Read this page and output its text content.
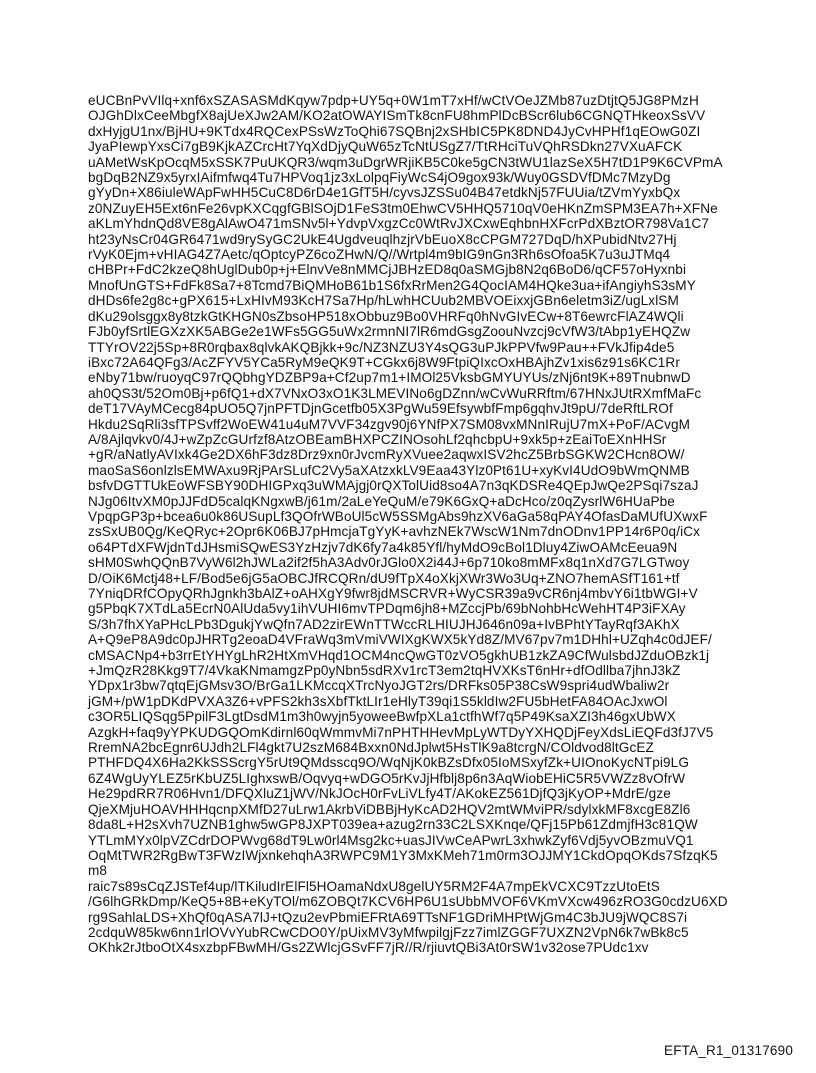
eUCBnPvVIlq+xnf6xSZASASMdKqyw7pdp+UY5q+0W1mT7xHf/wCtVOeJZMb87uzDtjtQ5JG8PMzH
OJGhDlxCeeMbgfX8ajUeXJw2AM/KO2atOWAYISmTk8cnFU8hmPlDcBScr6lub6CGNQTHkeoxSsVV
dxHyjgU1nx/BjHU+9KTdx4RQCexPSsWzToQhi67SQBnj2xSHbIC5PK8DND4JyCvHPHf1qEOwG0ZI
JyaPIewpYxsCi7gB9KjkAZCrcHt7YqXdDjyQuW65zTcNtUSgZ7/TtRHciTuVQhRSDkn27VXuAFCK
uAMetWsKpOcqM5xSSK7PuUKQR3/wqm3uDgrWRjiKB5C0ke5gCN3tWU1lazSeX5H7tD1P9K6CVPmA
bgDqB2NZ9x5yrxIAifmfwq4Tu7HPVoq1jz3xLolpqFiyWcS4jO9gox93k/Wuy0GSDVfDMc7MzyDg
gYyDn+X86iuleWApFwHH5CuC8D6rD4e1GfT5H/cyvsJZSSu04B47etdkNj57FUUia/tZVmYyxbQx
z0NZuyEH5Ext6nFe26vpKXCqgfGBlSOjD1FeS3tm0EhwCV5HHQ5710qV0eHKnZmSPM3EA7h+XFNe
aKLmYhdnQd8VE8gAlAwO471mSNv5l+YdvpVxgzCc0WtRvJXCxwEqhbnHXFcrPdXBztOR798Va1C7
ht23yNsCr04GR6471wd9rySyGC2UkE4UgdveuqlhzjrVbEuoX8cCPGM727DqD/hXPubidNtv27Hj
rVyK0Ejm+vHIAG4Z7Aetc/qOptcyPZ6coZHwN/Q//Wrtpl4m9bIG9nGn3Rh6sOfoa5K7u3uJTMq4
cHBPr+FdC2kzeQ8hUglDub0p+j+ElnvVe8nMMCjJBHzED8q0aSMGjb8N2q6BoD6/qCF57oHyxnbi
MnofUnGTS+FdFk8Sa7+8Tcmd7BiQMHoB61b1S6fxRrMen2G4QocIAM4HQke3ua+ifAngiyhS3sMY
dHDs6fe2g8c+gPX615+LxHIvM93KcH7Sa7Hp/hLwhHCUub2MBVOEixxjGBn6eletm3iZ/ugLxlSM
dKu29olsggx8y8tzkGtKHGN0sZbsoHP518xObbuz9Bo0VHRFq0hNvGIvECw+8T6ewrcFlAZ4WQli
FJb0yfSrtlEGXzXK5ABGe2e1WFs5GG5uWx2rmnNI7lR6mdGsgZoouNvzcj9cVfW3/tAbp1yEHQZw
TTYrOV22j5Sp+8R0rqbax8qlvkAKQBjkk+9c/NZ3NZU3Y4sQG3uPJkPPVfw9Pau++FVkJfip4de5
iBxc72A64QFg3/AcZFYV5YCa5RyM9eQK9T+CGkx6j8W9FtpiQIxcOxHBAjhZv1xis6z91s6KC1Rr
eNby71bw/ruoyqC97rQQbhgYDZBP9a+Cf2up7m1+IMOl25VksbGMYUYUs/zNj6nt9K+89TnubnwD
ah0QS3t/52Om0Bj+p6fQ1+dX7VNxO3xO1K3LMEVINo6gDZnn/wCvWuRRftm/67HNxJUtRXmfMaFc
deT17VAyMCecg84pUO5Q7jnPFTDjnGcetfb05X3PgWu59EfsywbfFmp6gqhvJt9pU/7deRftLROf
Hkdu2SqRli3sfTPSvff2WoEW41u4uM7VVF34zgv90j6YNfPX7SM08vxMNnIRujU7mX+PoF/ACvgM
A/8Ajlqvkv0/4J+wZpZcGUrfzf8AtzOBEamBHXPCZINOsohLf2qhcbpU+9xk5p+zEaiToEXnHHSr
+gR/aNatlyAVIxk4Ge2DX6hF3dz8Drz9xn0rJvcmRyXVuee2aqwxISV2hcZ5BrbSGKW2CHcn8OW/
maoSaS6onlzlsEMWAxu9RjPArSLufC2Vy5aXAtzxkLV9Eaa43Ylz0Pt61U+xyKvI4UdO9bWmQNMB
bsfvDGTTUkEoWFSBY90DHIGPxq3uWMAjgj0rQXTolUid8so4A7n3qKDSRe4QEpJwQe2PSqi7szaJ
NJg06ItvXM0pJJFdD5calqKNgxwB/j61m/2aLeYeQuM/e79K6GxQ+aDcHco/z0qZysrlW6HUaPbe
VpqpGP3p+bcea6u0k86USupLf3QOfrWBoUl5cW5SSMgAbs9hzXV6aGa58qPAY4OfasDaMUfUXwxF
zsSxUB0Qg/KeQRyc+2Opr6K06BJ7pHmcjaTgYyK+avhzNEk7WscW1Nm7dnODnv1PP14r6P0q/iCx
o64PTdXFWjdnTdJHsmiSQwES3YzHzjv7dK6fy7a4k85Yfl/hyMdO9cBol1Dluy4ZiwOAMcEeua9N
sHM0SwhQQnB7VyW6l2hJWLa2if2f5hA3Adv0rJGlo0X2i44J+6p710ko8mMFx8q1nXd7G7LGTwoy
D/OiK6Mctj48+LF/Bod5e6jG5aOBCJfRCQRn/dU9fTpX4oXkjXWr3Wo3Uq+ZNO7hemASfT161+tf
7YniqDRfCOpyQRhJgnkh3bAlZ+oAHXgY9fwr8jdMSCRVR+WyCSR39a9vCR6nj4mbvY6i1tbWGI+V
g5PbqK7XTdLa5EcrN0AlUda5vy1ihVUHI6mvTPDqm6jh8+MZccjPb/69bNohbHcWehHT4P3iFXAy
S/3h7fhXYaPHcLPb3DgukjYwQfn7AD2zirEWnTTWccRLHIUJHJ646n09a+IvBPhtYTayRqf3AKhX
A+Q9eP8A9dc0pJHRTg2eoaD4VFraWq3mVmiVWIXgKWX5kYd8Z/MV67pv7m1DHhl+UZqh4c0dJEF/
cMSACNp4+b3rrEtYHYgLhR2HtXmVHqd1OCM4ncQwGT0zVO5gkhUB1zkZA9CfWulsbdJZduOBzk1j
+JmQzR28Kkg9T7/4VkaKNmamgzPp0yNbn5sdRXv1rcT3em2tqHVXKsT6nHr+dfOdllba7jhnJ3kZ
YDpx1r3bw7qtqEjGMsv3O/BrGa1LKMccqXTrcNyoJGT2rs/DRFks05P38CsW9spri4udWbaliw2r
jGM+/pW1pDKdPVXA3Z6+vPFS2kh3sXbfTktLIr1eHlyT39qi1S5kldIw2FU5bHetFA84OAcJxwOl
c3OR5LIQSqg5PpilF3LgtDsdM1m3h0wyjn5yoweeBwfpXLa1ctfhWf7q5P49KsaXZI3h46gxUbWX
AzgkH+faq9yYPKUDGQOmKdirnl60qWmmvMi7nPHTHHevMpLyWTDyYXHQDjFeyXdsLiEQFd3fJ7V5
RremNA2bcEgnr6UJdh2LFl4gkt7U2szM684Bxxn0NdJplwt5HsTlK9a8tcrgN/COldvod8ltGcEZ
PTHFDQ4X6Ha2KkSSScrgY5rUt9QMdsscq9O/WqNjK0kBZsDfx05IoMSxyfZk+UIOnoKycNTpi9LG
6Z4WgUyYLEZ5rKbUZ5LIghxswB/Oqvyq+wDGO5rKvJjHfblj8p6n3AqWiobEHiC5R5VWZz8vOfrW
He29pdRR7R06Hvn1/DFQXluZ1jWV/NkJOcH0rFvLiVLfy4T/AKokEZ561DjfQ3jKyOP+MdrE/gze
QjeXMjuHOAVHHHqcnpXMfD27uLrw1AkrbViDBBjHyKcAD2HQV2mtWMviPR/sdylxkMF8xcgE8Zl6
8da8L+H2sXvh7UZNB1ghw5wGP8JXPT039ea+azug2rn33C2LSXKnqe/QFj15Pb61ZdmjfH3c81QW
YTLmMYx0lpVZCdrDOPWvg68dT9Lw0rl4Msg2kc+uasJIVwCeAPwrL3xhwkZyf6Vdj5yvOBzmuVQ1
OqMtTWR2RgBwT3FWzIWjxnkehqhA3RWPC9M1Y3MxKMeh71m0rm3OJJMY1CkdOpqOKds7SfzqK5
m8
raic7s89sCqZJSTef4up/lTKiludIrElFl5HOamaNdxU8gelUY5RM2F4A7mpEkVCXC9TzzUtoEtS
/G6lhGRkDmp/KeQ5+8B+eKyTOl/m6ZOBQt7KCV6HP6U1sUbbMVOF6VKmVXcw496zRO3G0cdzU6XD
rg9SahlaLDS+XhQf0qASA7lJ+tQzu2evPbmiEFRtA69TTsNF1GDriMHPtWjGm4C3bJU9jWQC8S7i
2cdquW85kw6nn1rlOVvYubRCwCDO0Y/pUixMV3yMfwpilgjFzz7imlZGGF7UXZN2VpN6k7wBk8c5
OKhk2rJtboOtX4sxzbpFBwMH/Gs2ZWlcjGSvFF7jR//R/rjiuvtQBi3At0rSW1v32ose7PUdc1xv
EFTA_R1_01317690
